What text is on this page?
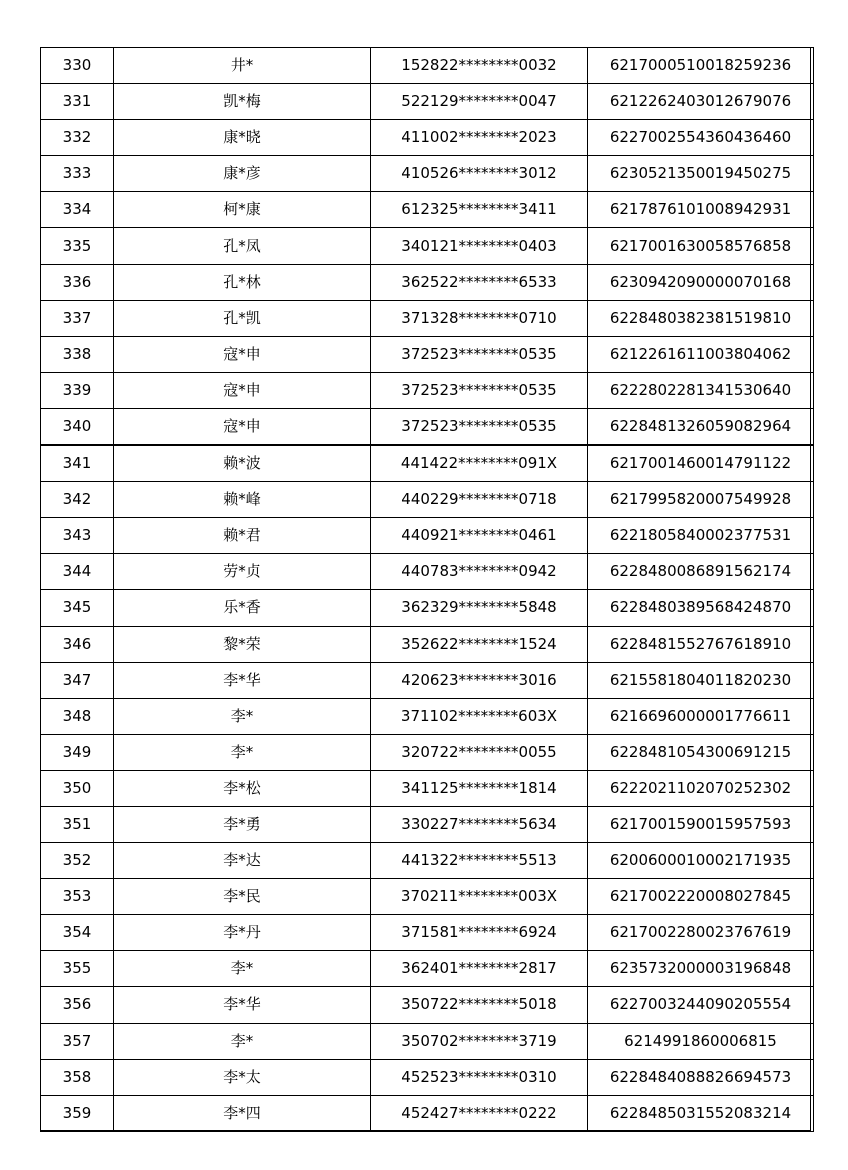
330	井*	152822********0032	6217000510018259236
331	凯*梅	522129********0047	6212262403012679076
332	康*晓	411002********2023	6227002554360436460
333	康*彦	410526********3012	6230521350019450275
334	柯*康	612325********3411	6217876101008942931
335	孔*凤	340121********0403	6217001630058576858
336	孔*林	362522********6533	6230942090000070168
337	孔*凯	371328********0710	6228480382381519810
338	寇*申	372523********0535	6212261611003804062
339	寇*申	372523********0535	6222802281341530640
340	寇*申	372523********0535	6228481326059082964
341	赖*波	441422********091X	6217001460014791122
342	赖*峰	440229********0718	6217995820007549928
343	赖*君	440921********0461	6221805840002377531
344	劳*贞	440783********0942	6228480086891562174
345	乐*香	362329********5848	6228480389568424870
346	黎*荣	352622********1524	6228481552767618910
347	李*华	420623********3016	6215581804011820230
348	李*	371102********603X	6216696000001776611
349	李*	320722********0055	6228481054300691215
350	李*松	341125********1814	6222021102070252302
351	李*勇	330227********5634	6217001590015957593
352	李*达	441322********5513	6200600010002171935
353	李*民	370211********003X	6217002220008027845
354	李*丹	371581********6924	6217002280023767619
355	李*	362401********2817	6235732000003196848
356	李*华	350722********5018	6227003244090205554
357	李*	350702********3719	6214991860006815
358	李*太	452523********0310	6228484088826694573
359	李*四	452427********0222	6228485031552083214
